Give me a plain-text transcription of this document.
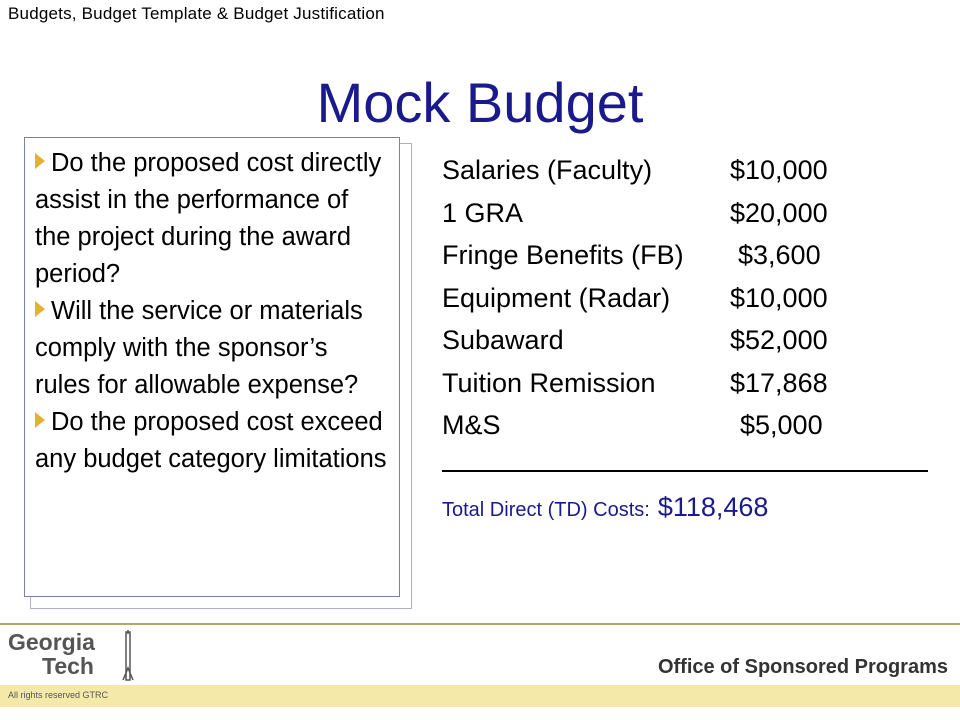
Budgets, Budget Template & Budget Justification
Mock Budget
Do the proposed cost directly assist in the performance of the project during the award period?
Will the service or materials comply with the sponsor’s rules for allowable expense?
Do the proposed cost exceed any budget category limitations
Salaries (Faculty)	$10,000
1 GRA	$20,000
Fringe Benefits (FB) $3,600
Equipment (Radar) $10,000
Subaward	$52,000
Tuition Remission	$17,868
M&S	$5,000
Total Direct (TD) Costs: $118,468
Georgia
Tech	Office of Sponsored Programs
All rights reserved GTRC
